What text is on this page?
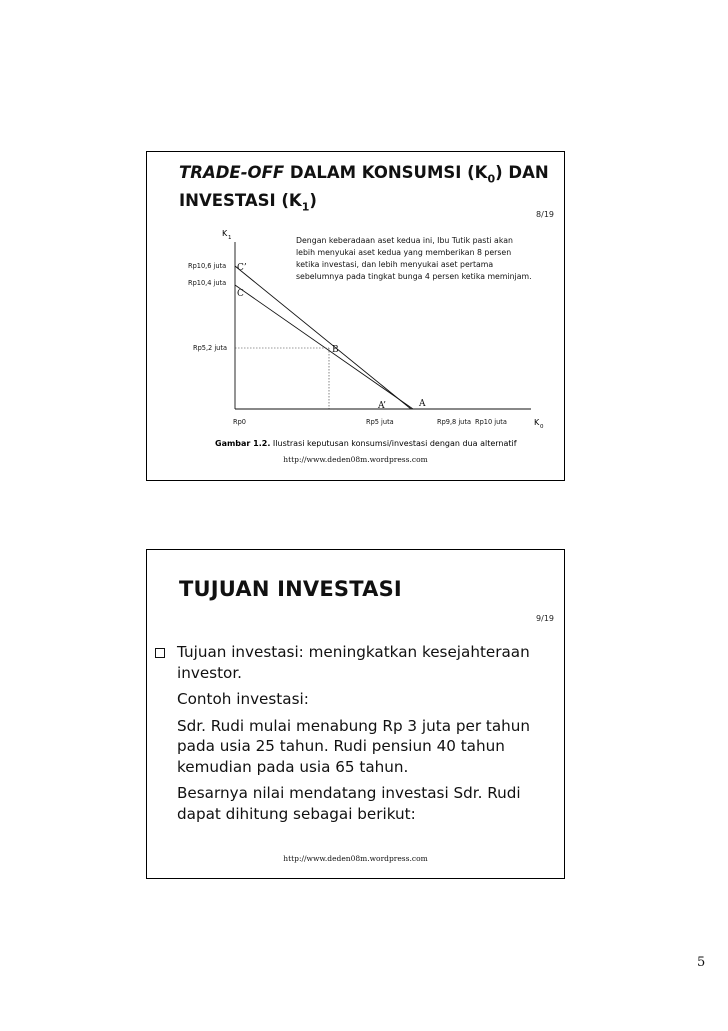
TRADE-OFF DALAM KONSUMSI $(K_0)$ DAN
INVESTASI $(K_1)$
8/19
K 1
K 0
Dengan keberadaan aset kedua ini, Ibu Tutik pasti akan
lebih menyukai aset kedua yang memberikan 8 persen
ketika investasi, dan lebih menyukai aset pertama
sebelumnya pada tingkat bunga 4 persen ketika meminjam.
Gambar 1.2. Ilustrasi keputusan konsumsi/investasi dengan dua alternatif
Rp10,6 juta
Rp10,4 juta
Rp5,2 juta
Rp0	Rp5 juta	Rp9,8 juta Rp10 juta
C’
C
B
A’	A
http://www.deden08m.wordpress.com
TUJUAN INVESTASI
9/19
Tujuan investasi: meningkatkan kesejahteraan investor.
Contoh investasi:
Sdr. Rudi mulai menabung Rp 3 juta per tahun pada usia 25 tahun. Rudi pensiun 40 tahun kemudian pada usia 65 tahun.
Besarnya nilai mendatang investasi Sdr. Rudi dapat dihitung sebagai berikut:
http://www.deden08m.wordpress.com
5
